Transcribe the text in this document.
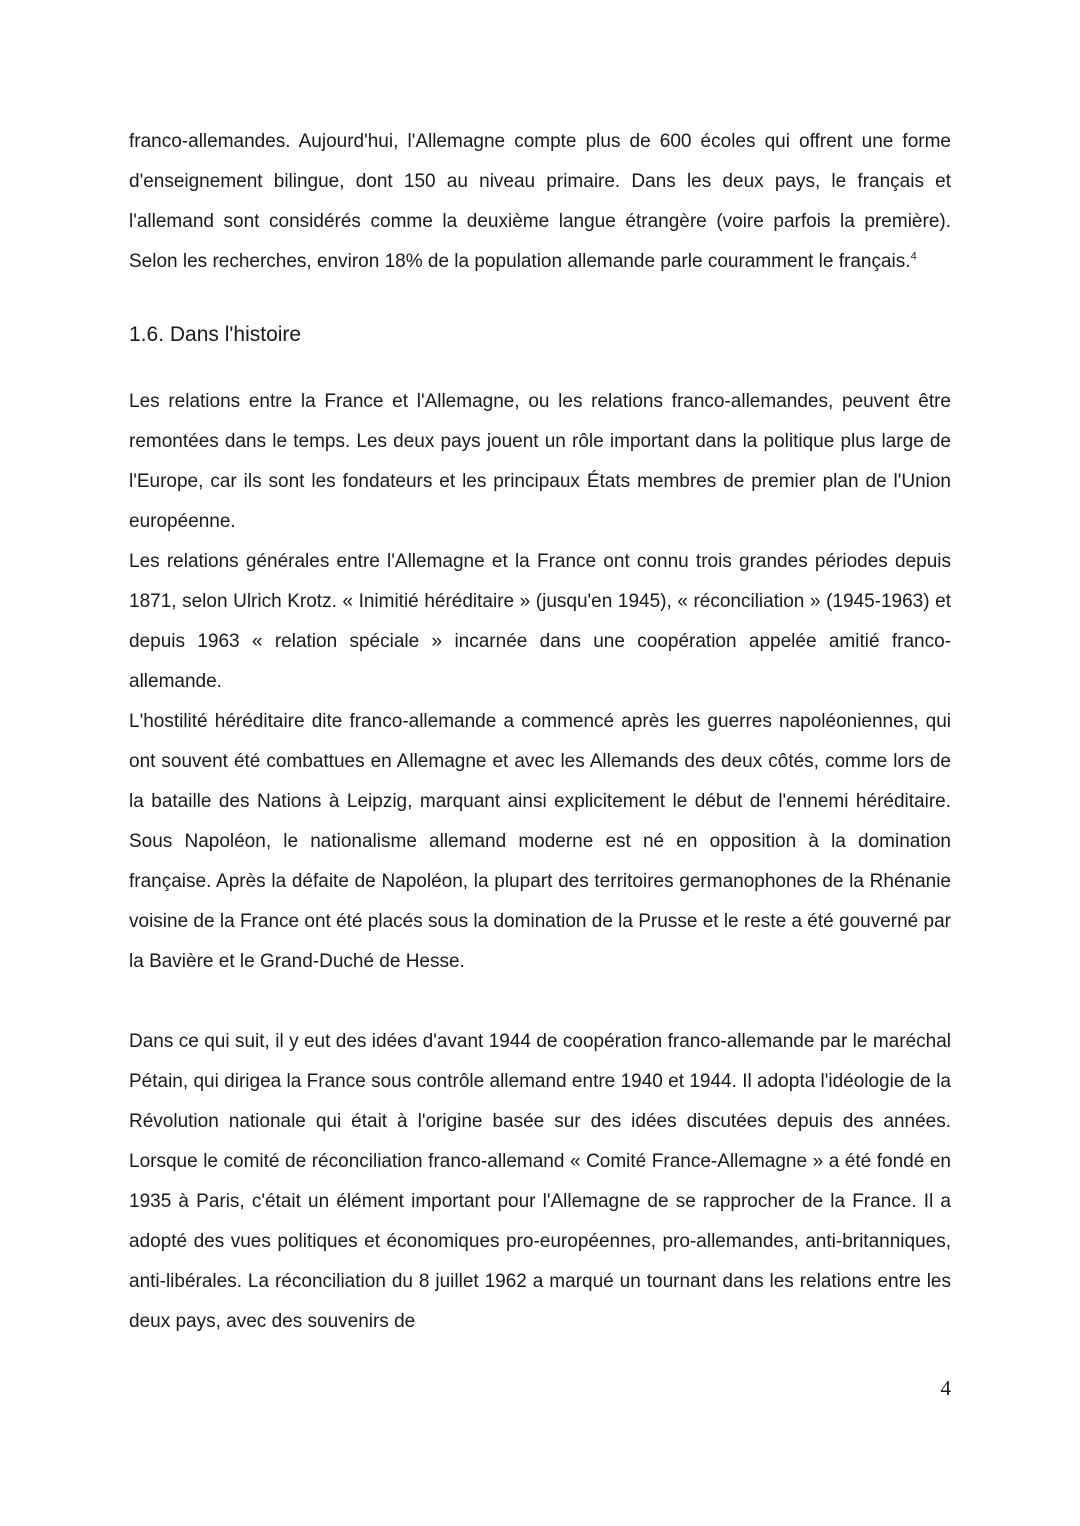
franco-allemandes. Aujourd'hui, l'Allemagne compte plus de 600 écoles qui offrent une forme d'enseignement bilingue, dont 150 au niveau primaire. Dans les deux pays, le français et l'allemand sont considérés comme la deuxième langue étrangère (voire parfois la première). Selon les recherches, environ 18% de la population allemande parle couramment le français.$^4$

1.6. Dans l'histoire

Les relations entre la France et l'Allemagne, ou les relations franco-allemandes, peuvent être remontées dans le temps. Les deux pays jouent un rôle important dans la politique plus large de l'Europe, car ils sont les fondateurs et les principaux États membres de premier plan de l'Union européenne.

Les relations générales entre l'Allemagne et la France ont connu trois grandes périodes depuis 1871, selon Ulrich Krotz. « Inimitié héréditaire » (jusqu'en 1945), « réconciliation » (1945-1963) et depuis 1963 « relation spéciale » incarnée dans une coopération appelée amitié franco-allemande.

L'hostilité héréditaire dite franco-allemande a commencé après les guerres napoléoniennes, qui ont souvent été combattues en Allemagne et avec les Allemands des deux côtés, comme lors de la bataille des Nations à Leipzig, marquant ainsi explicitement le début de l'ennemi héréditaire. Sous Napoléon, le nationalisme allemand moderne est né en opposition à la domination française. Après la défaite de Napoléon, la plupart des territoires germanophones de la Rhénanie voisine de la France ont été placés sous la domination de la Prusse et le reste a été gouverné par la Bavière et le Grand-Duché de Hesse.

Dans ce qui suit, il y eut des idées d'avant 1944 de coopération franco-allemande par le maréchal Pétain, qui dirigea la France sous contrôle allemand entre 1940 et 1944. Il adopta l'idéologie de la Révolution nationale qui était à l'origine basée sur des idées discutées depuis des années. Lorsque le comité de réconciliation franco-allemand « Comité France-Allemagne » a été fondé en 1935 à Paris, c'était un élément important pour l'Allemagne de se rapprocher de la France. Il a adopté des vues politiques et économiques pro-européennes, pro-allemandes, anti-britanniques, anti-libérales. La réconciliation du 8 juillet 1962 a marqué un tournant dans les relations entre les deux pays, avec des souvenirs de

4
